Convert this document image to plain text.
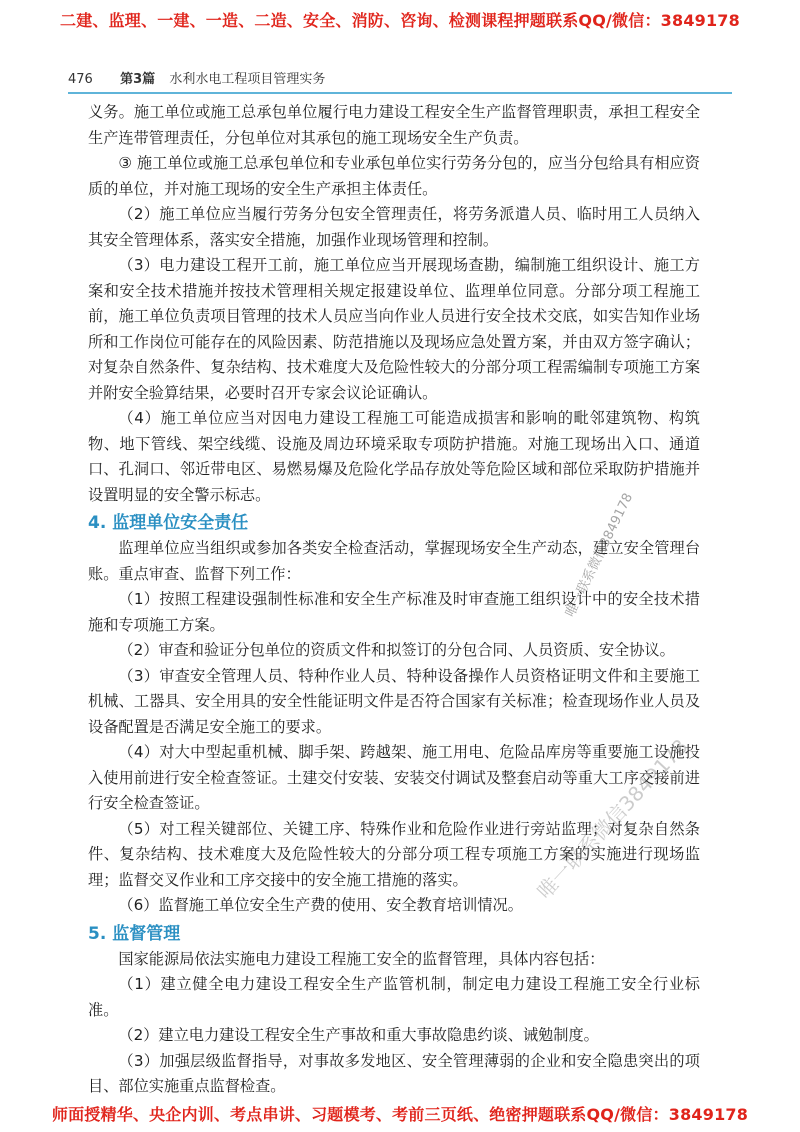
二建、监理、一建、一造、二造、安全、消防、咨询、检测课程押题联系QQ/微信：3849178
476 第3篇 水利水电工程项目管理实务

义务。施工单位或施工总承包单位履行电力建设工程安全生产监督管理职责，承担工程安全生产连带管理责任，分包单位对其承包的施工现场安全生产负责。

③ 施工单位或施工总承包单位和专业承包单位实行劳务分包的，应当分包给具有相应资质的单位，并对施工现场的安全生产承担主体责任。

（2）施工单位应当履行劳务分包安全管理责任，将劳务派遣人员、临时用工人员纳入其安全管理体系，落实安全措施，加强作业现场管理和控制。

（3）电力建设工程开工前，施工单位应当开展现场查勘，编制施工组织设计、施工方案和安全技术措施并按技术管理相关规定报建设单位、监理单位同意。分部分项工程施工前，施工单位负责项目管理的技术人员应当向作业人员进行安全技术交底，如实告知作业场所和工作岗位可能存在的风险因素、防范措施以及现场应急处置方案，并由双方签字确认；对复杂自然条件、复杂结构、技术难度大及危险性较大的分部分项工程需编制专项施工方案并附安全验算结果，必要时召开专家会议论证确认。

（4）施工单位应当对因电力建设工程施工可能造成损害和影响的毗邻建筑物、构筑物、地下管线、架空线缆、设施及周边环境采取专项防护措施。对施工现场出入口、通道口、孔洞口、邻近带电区、易燃易爆及危险化学品存放处等危险区域和部位采取防护措施并设置明显的安全警示标志。

4. 监理单位安全责任

监理单位应当组织或参加各类安全检查活动，掌握现场安全生产动态，建立安全管理台账。重点审查、监督下列工作：

（1）按照工程建设强制性标准和安全生产标准及时审查施工组织设计中的安全技术措施和专项施工方案。

（2）审查和验证分包单位的资质文件和拟签订的分包合同、人员资质、安全协议。

（3）审查安全管理人员、特种作业人员、特种设备操作人员资格证明文件和主要施工机械、工器具、安全用具的安全性能证明文件是否符合国家有关标准；检查现场作业人员及设备配置是否满足安全施工的要求。

（4）对大中型起重机械、脚手架、跨越架、施工用电、危险品库房等重要施工设施投入使用前进行安全检查签证。土建交付安装、安装交付调试及整套启动等重大工序交接前进行安全检查签证。

（5）对工程关键部位、关键工序、特殊作业和危险作业进行旁站监理；对复杂自然条件、复杂结构、技术难度大及危险性较大的分部分项工程专项施工方案的实施进行现场监理；监督交叉作业和工序交接中的安全施工措施的落实。

（6）监督施工单位安全生产费的使用、安全教育培训情况。

5. 监督管理

国家能源局依法实施电力建设工程施工安全的监督管理，具体内容包括：

（1）建立健全电力建设工程安全生产监管机制，制定电力建设工程施工安全行业标准。

（2）建立电力建设工程安全生产事故和重大事故隐患约谈、诫勉制度。

（3）加强层级监督指导，对事故多发地区、安全管理薄弱的企业和安全隐患突出的项目、部位实施重点监督检查。

唯一联系微信3849178
唯一联系微信3849178
师面授精华、央企内训、考点串讲、习题模考、考前三页纸、绝密押题联系QQ/微信：3849178
